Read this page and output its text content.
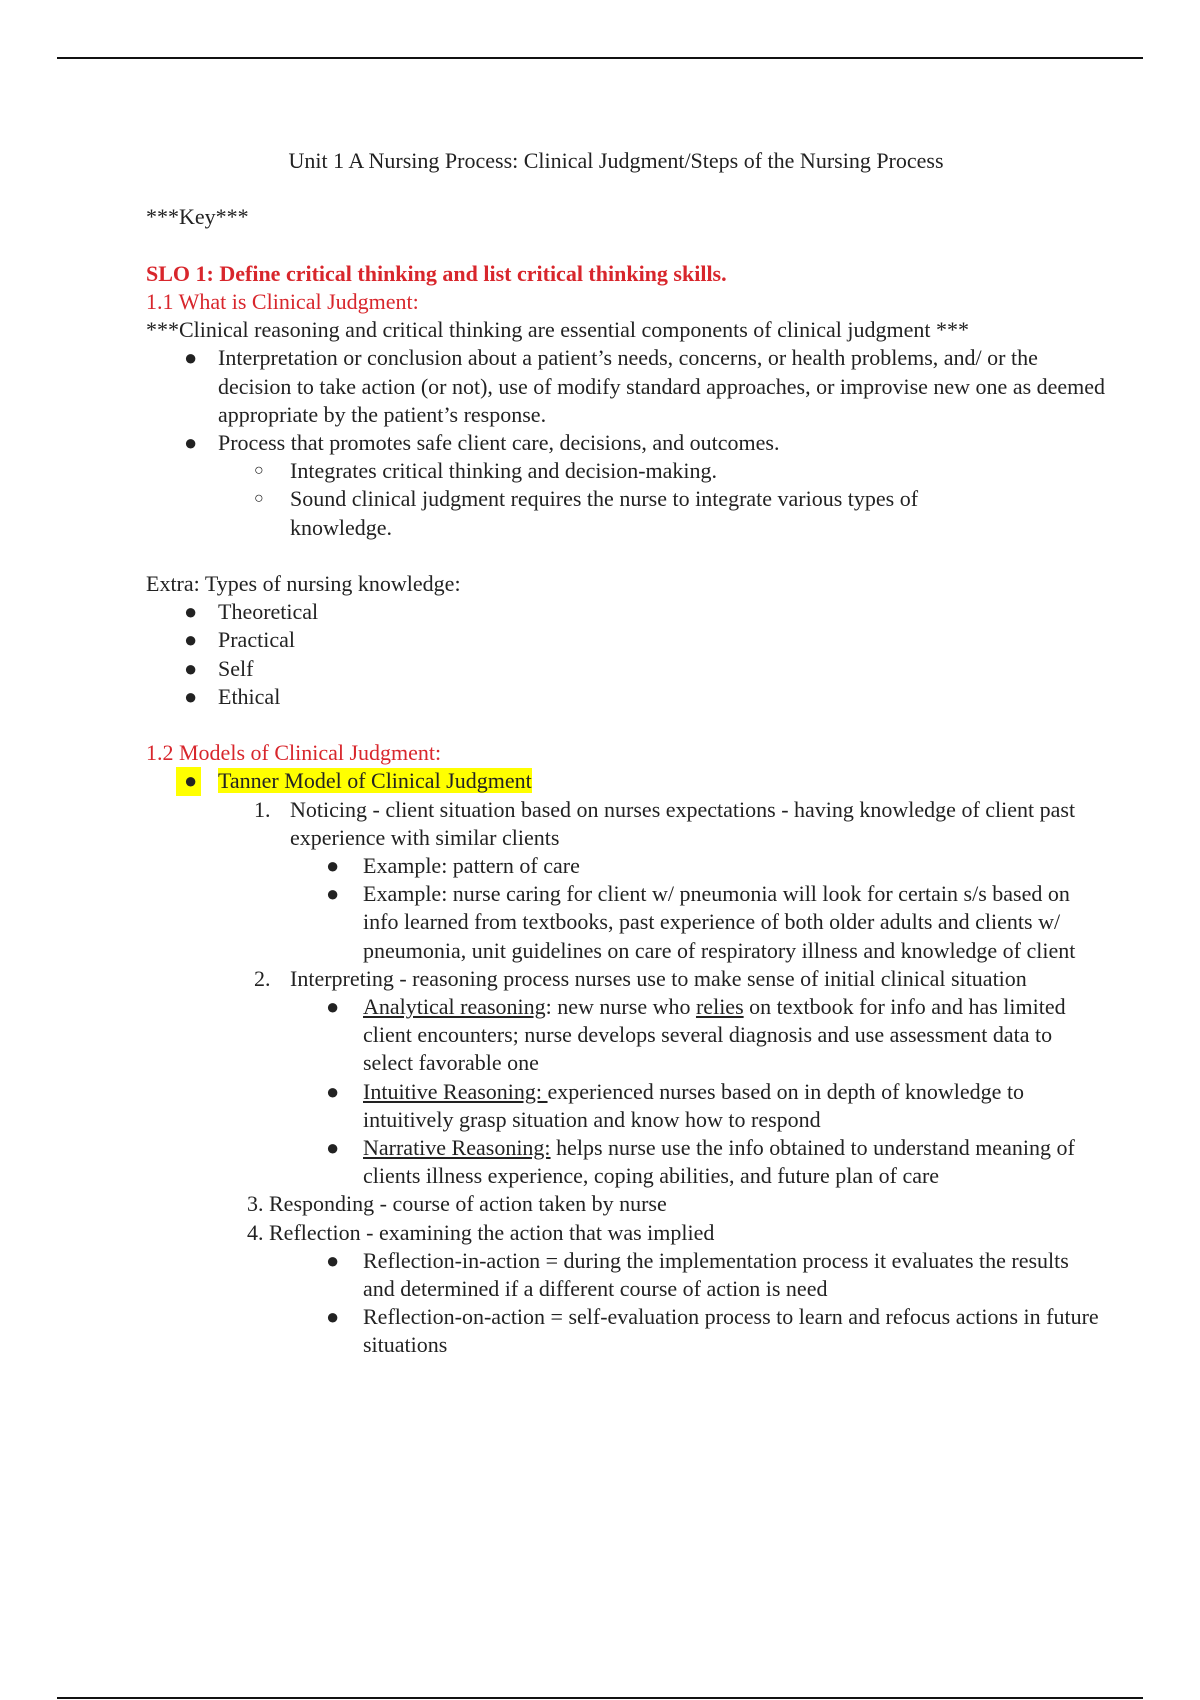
Unit 1 A Nursing Process: Clinical Judgment/Steps of the Nursing Process
***Key***
SLO 1: Define critical thinking and list critical thinking skills.
1.1 What is Clinical Judgment:
***Clinical reasoning and critical thinking are essential components of clinical judgment ***
● Interpretation or conclusion about a patient’s needs, concerns, or health problems, and/ or the decision to take action (or not), use of modify standard approaches, or improvise new one as deemed appropriate by the patient’s response.
● Process that promotes safe client care, decisions, and outcomes.
○ Integrates critical thinking and decision-making.
○ Sound clinical judgment requires the nurse to integrate various types of knowledge.
Extra: Types of nursing knowledge:
● Theoretical
● Practical
● Self
● Ethical
1.2 Models of Clinical Judgment:
● Tanner Model of Clinical Judgment
1. Noticing - client situation based on nurses expectations - having knowledge of client past experience with similar clients
● Example: pattern of care
● Example: nurse caring for client w/ pneumonia will look for certain s/s based on info learned from textbooks, past experience of both older adults and clients w/ pneumonia, unit guidelines on care of respiratory illness and knowledge of client
2. Interpreting - reasoning process nurses use to make sense of initial clinical situation
● Analytical reasoning: new nurse who relies on textbook for info and has limited client encounters; nurse develops several diagnosis and use assessment data to select favorable one
● Intuitive Reasoning: experienced nurses based on in depth of knowledge to intuitively grasp situation and know how to respond
● Narrative Reasoning: helps nurse use the info obtained to understand meaning of clients illness experience, coping abilities, and future plan of care
3. Responding - course of action taken by nurse
4. Reflection - examining the action that was implied
● Reflection-in-action = during the implementation process it evaluates the results and determined if a different course of action is need
● Reflection-on-action = self-evaluation process to learn and refocus actions in future situations
